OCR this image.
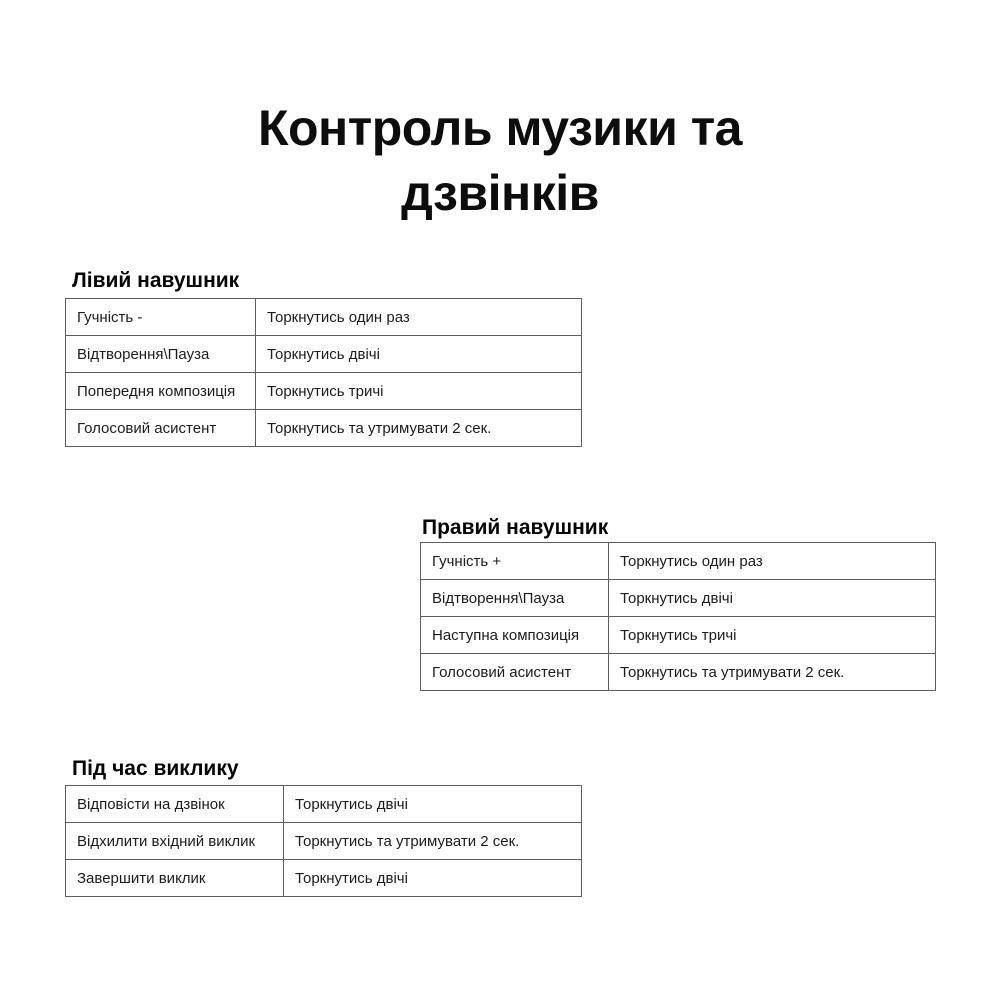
Контроль музики та дзвінків
Лівий навушник
Гучність -	Торкнутись один раз
Відтворення\Пауза	Торкнутись двічі
Попередня композиція	Торкнутись тричі
Голосовий асистент	Торкнутись та утримувати 2 сек.
Правий навушник
Гучність +	Торкнутись один раз
Відтворення\Пауза	Торкнутись двічі
Наступна композиція	Торкнутись тричі
Голосовий асистент	Торкнутись та утримувати 2 сек.
Під час виклику
Відповісти на дзвінок	Торкнутись двічі
Відхилити вхідний виклик	Торкнутись та утримувати 2 сек.
Завершити виклик	Торкнутись двічі
